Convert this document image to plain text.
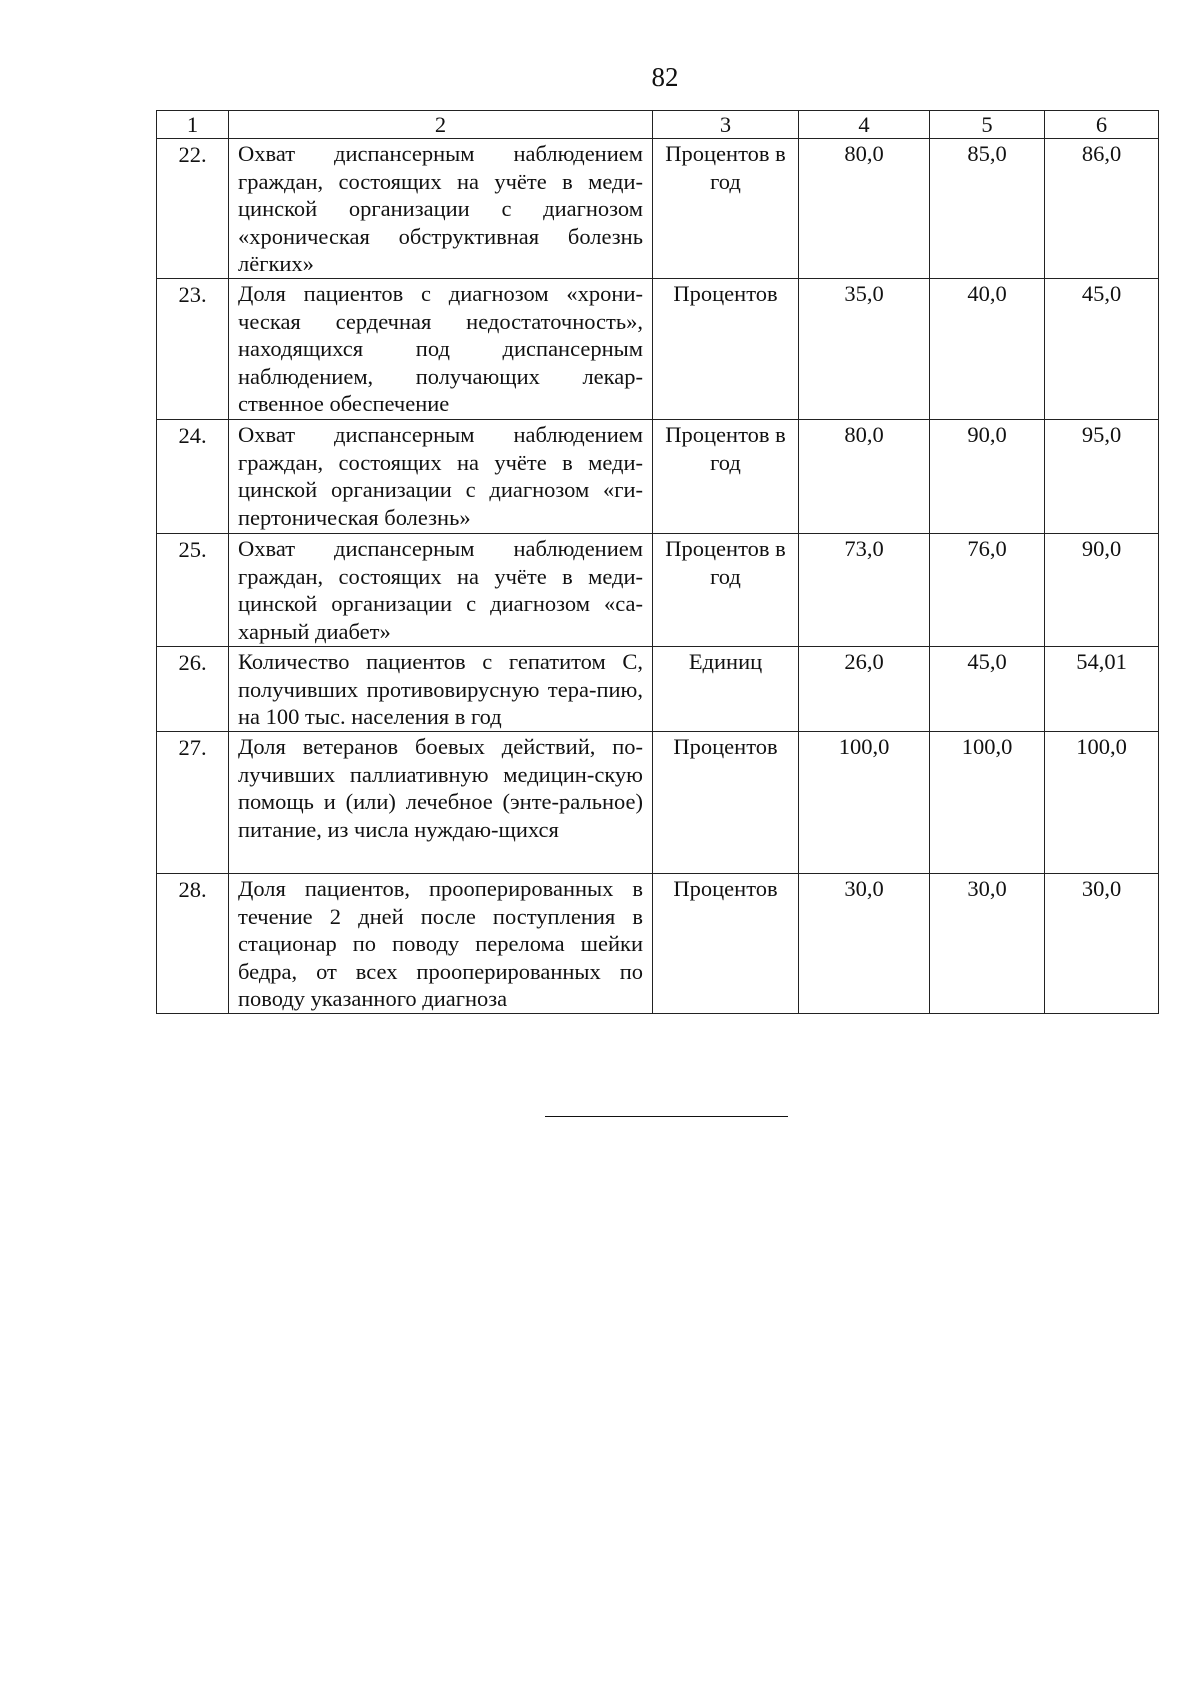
82
1	2	3	4	5	6
22.	Охват диспансерным наблюдением граждан, состоящих на учёте в меди-цинской организации с диагнозом «хроническая обструктивная болезнь лёгких»	Процентов в год	80,0	85,0	86,0
23.	Доля пациентов с диагнозом «хрони-ческая сердечная недостаточность», находящихся под диспансерным наблюдением, получающих лекар-ственное обеспечение	Процентов	35,0	40,0	45,0
24.	Охват диспансерным наблюдением граждан, состоящих на учёте в меди-цинской организации с диагнозом «ги-пертоническая болезнь»	Процентов в год	80,0	90,0	95,0
25.	Охват диспансерным наблюдением граждан, состоящих на учёте в меди-цинской организации с диагнозом «са-харный диабет»	Процентов в год	73,0	76,0	90,0
26.	Количество пациентов с гепатитом С, получивших противовирусную тера-пию, на 100 тыс. населения в год	Единиц	26,0	45,0	54,01
27.	Доля ветеранов боевых действий, по-лучивших паллиативную медицин-скую помощь и (или) лечебное (энте-ральное) питание, из числа нуждаю-щихся	Процентов	100,0	100,0	100,0
28.	Доля пациентов, прооперированных в течение 2 дней после поступления в стационар по поводу перелома шейки бедра, от всех прооперированных по поводу указанного диагноза	Процентов	30,0	30,0	30,0
